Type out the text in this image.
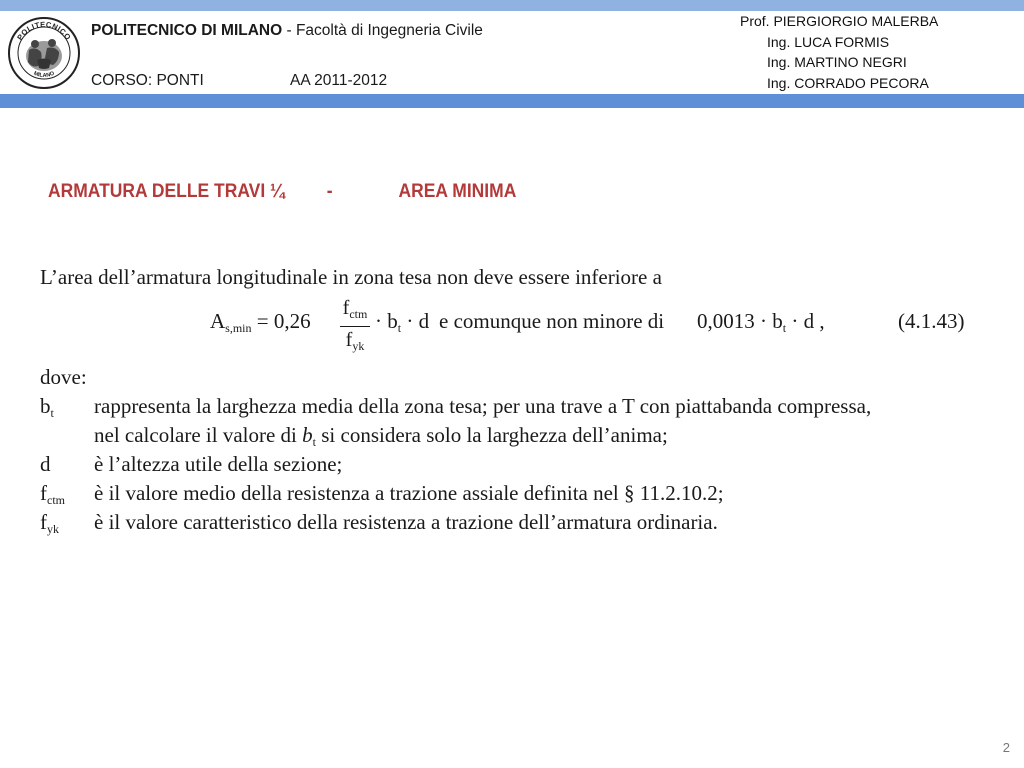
POLITECNICO
MILANO
POLITECNICO DI MILANO - Facoltà di Ingegneria Civile
CORSO: PONTI	AA 2011-2012
Prof. PIERGIORGIO MALERBA
Ing. LUCA FORMIS
Ing. MARTINO NEGRI
Ing. CORRADO PECORA
ARMATURA DELLE TRAVI ¼ -	AREA MINIMA
L’area dell’armatura longitudinale in zona tesa non deve essere inferiore a
$A_{s,min} = 0,26$
$f_{ctm}$
$f_{yk}$
· $b_t \cdot d$ e comunque non minore di $0,0013 \cdot b_t \cdot d$ ,	(4.1.43)
dove:
$b_t$ rappresenta la larghezza media della zona tesa; per una trave a T con piattabanda compressa,
nel calcolare il valore di $b_t$ si considera solo la larghezza dell’anima;
d è l’altezza utile della sezione;
$f_{ctm}$ è il valore medio della resistenza a trazione assiale definita nel § 11.2.10.2;
$f_{yk}$ è il valore caratteristico della resistenza a trazione dell’armatura ordinaria.
2
